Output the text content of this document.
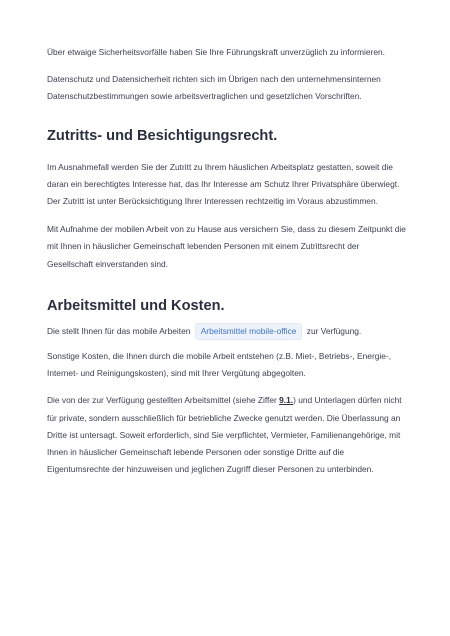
Über etwaige Sicherheitsvorfälle haben Sie Ihre Führungskraft unverzüglich zu informieren.

Datenschutz und Datensicherheit richten sich im Übrigen nach den unternehmensinternen Datenschutzbestimmungen sowie arbeitsvertraglichen und gesetzlichen Vorschriften.

Zutritts- und Besichtigungsrecht.

Im Ausnahmefall werden Sie der Zutritt zu Ihrem häuslichen Arbeitsplatz gestatten, soweit die daran ein berechtigtes Interesse hat, das Ihr Interesse am Schutz Ihrer Privatsphäre überwiegt. Der Zutritt ist unter Berücksichtigung Ihrer Interessen rechtzeitig im Voraus abzustimmen.

Mit Aufnahme der mobilen Arbeit von zu Hause aus versichern Sie, dass zu diesem Zeitpunkt die mit Ihnen in häuslicher Gemeinschaft lebenden Personen mit einem Zutrittsrecht der Gesellschaft einverstanden sind.

Arbeitsmittel und Kosten.

Die stellt Ihnen für das mobile Arbeiten Arbeitsmittel mobile-office zur Verfügung.

Sonstige Kosten, die Ihnen durch die mobile Arbeit entstehen (z.B. Miet-, Betriebs-, Energie-, Internet- und Reinigungskosten), sind mit Ihrer Vergütung abgegolten.

Die von der zur Verfügung gestellten Arbeitsmittel (siehe Ziffer 9.1.) und Unterlagen dürfen nicht für private, sondern ausschließlich für betriebliche Zwecke genutzt werden. Die Überlassung an Dritte ist untersagt. Soweit erforderlich, sind Sie verpflichtet, Vermieter, Familienangehörige, mit Ihnen in häuslicher Gemeinschaft lebende Personen oder sonstige Dritte auf die Eigentumsrechte der hinzuweisen und jeglichen Zugriff dieser Personen zu unterbinden.
